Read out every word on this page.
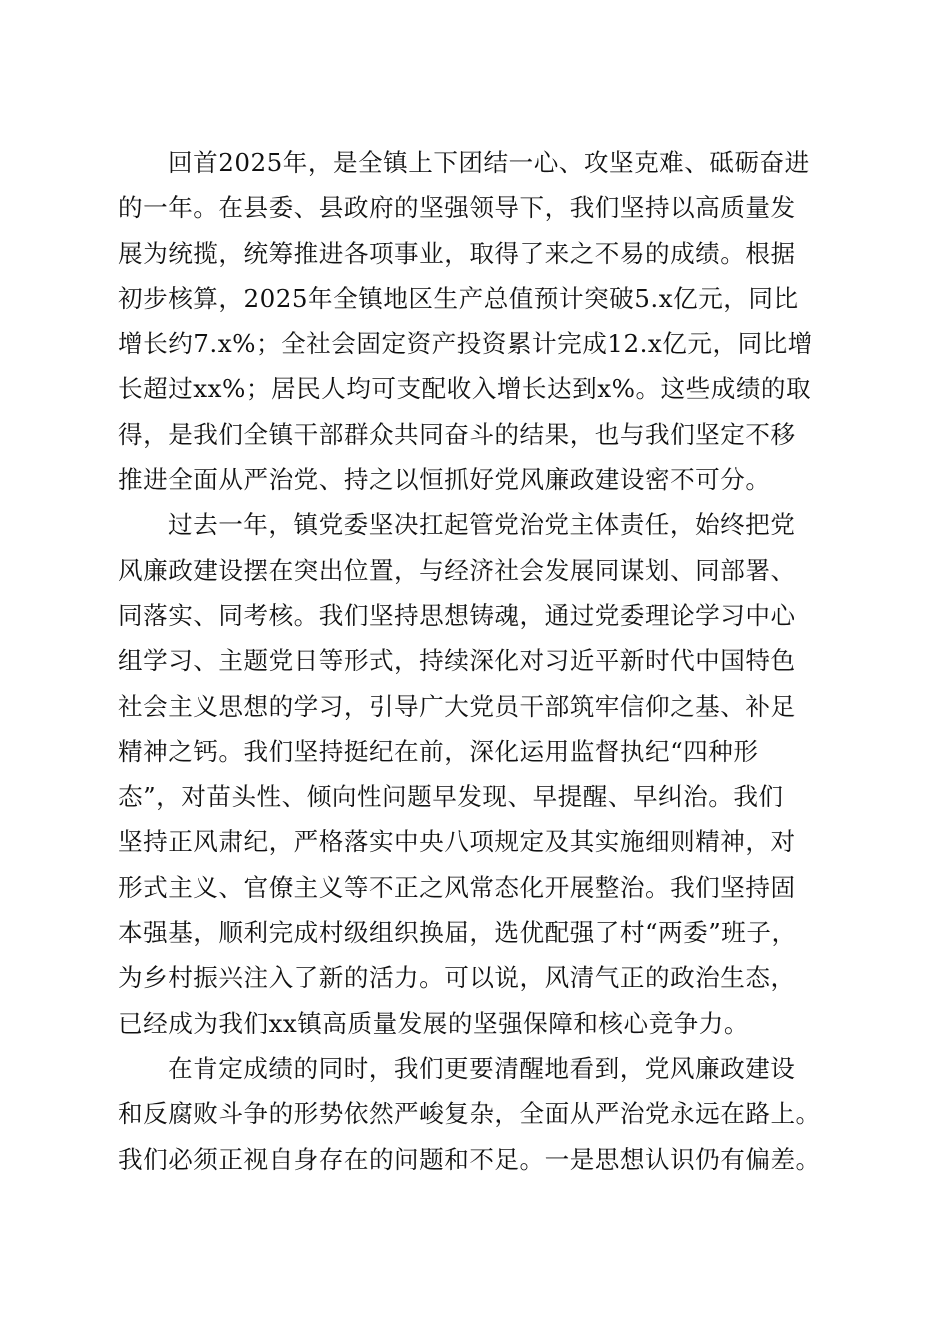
回首2025年，是全镇上下团结一心、攻坚克难、砥砺奋进
的一年。在县委、县政府的坚强领导下，我们坚持以高质量发
展为统揽，统筹推进各项事业，取得了来之不易的成绩。根据
初步核算，2025年全镇地区生产总值预计突破5.x亿元，同比
增长约7.x%；全社会固定资产投资累计完成12.x亿元，同比增
长超过xx%；居民人均可支配收入增长达到x%。这些成绩的取
得，是我们全镇干部群众共同奋斗的结果，也与我们坚定不移
推进全面从严治党、持之以恒抓好党风廉政建设密不可分。
过去一年，镇党委坚决扛起管党治党主体责任，始终把党
风廉政建设摆在突出位置，与经济社会发展同谋划、同部署、
同落实、同考核。我们坚持思想铸魂，通过党委理论学习中心
组学习、主题党日等形式，持续深化对习近平新时代中国特色
社会主义思想的学习，引导广大党员干部筑牢信仰之基、补足
精神之钙。我们坚持挺纪在前，深化运用监督执纪“四种形
态”，对苗头性、倾向性问题早发现、早提醒、早纠治。我们
坚持正风肃纪，严格落实中央八项规定及其实施细则精神，对
形式主义、官僚主义等不正之风常态化开展整治。我们坚持固
本强基，顺利完成村级组织换届，选优配强了村“两委”班子，
为乡村振兴注入了新的活力。可以说，风清气正的政治生态，
已经成为我们xx镇高质量发展的坚强保障和核心竞争力。
在肯定成绩的同时，我们更要清醒地看到，党风廉政建设
和反腐败斗争的形势依然严峻复杂，全面从严治党永远在路上。
我们必须正视自身存在的问题和不足。一是思想认识仍有偏差。
